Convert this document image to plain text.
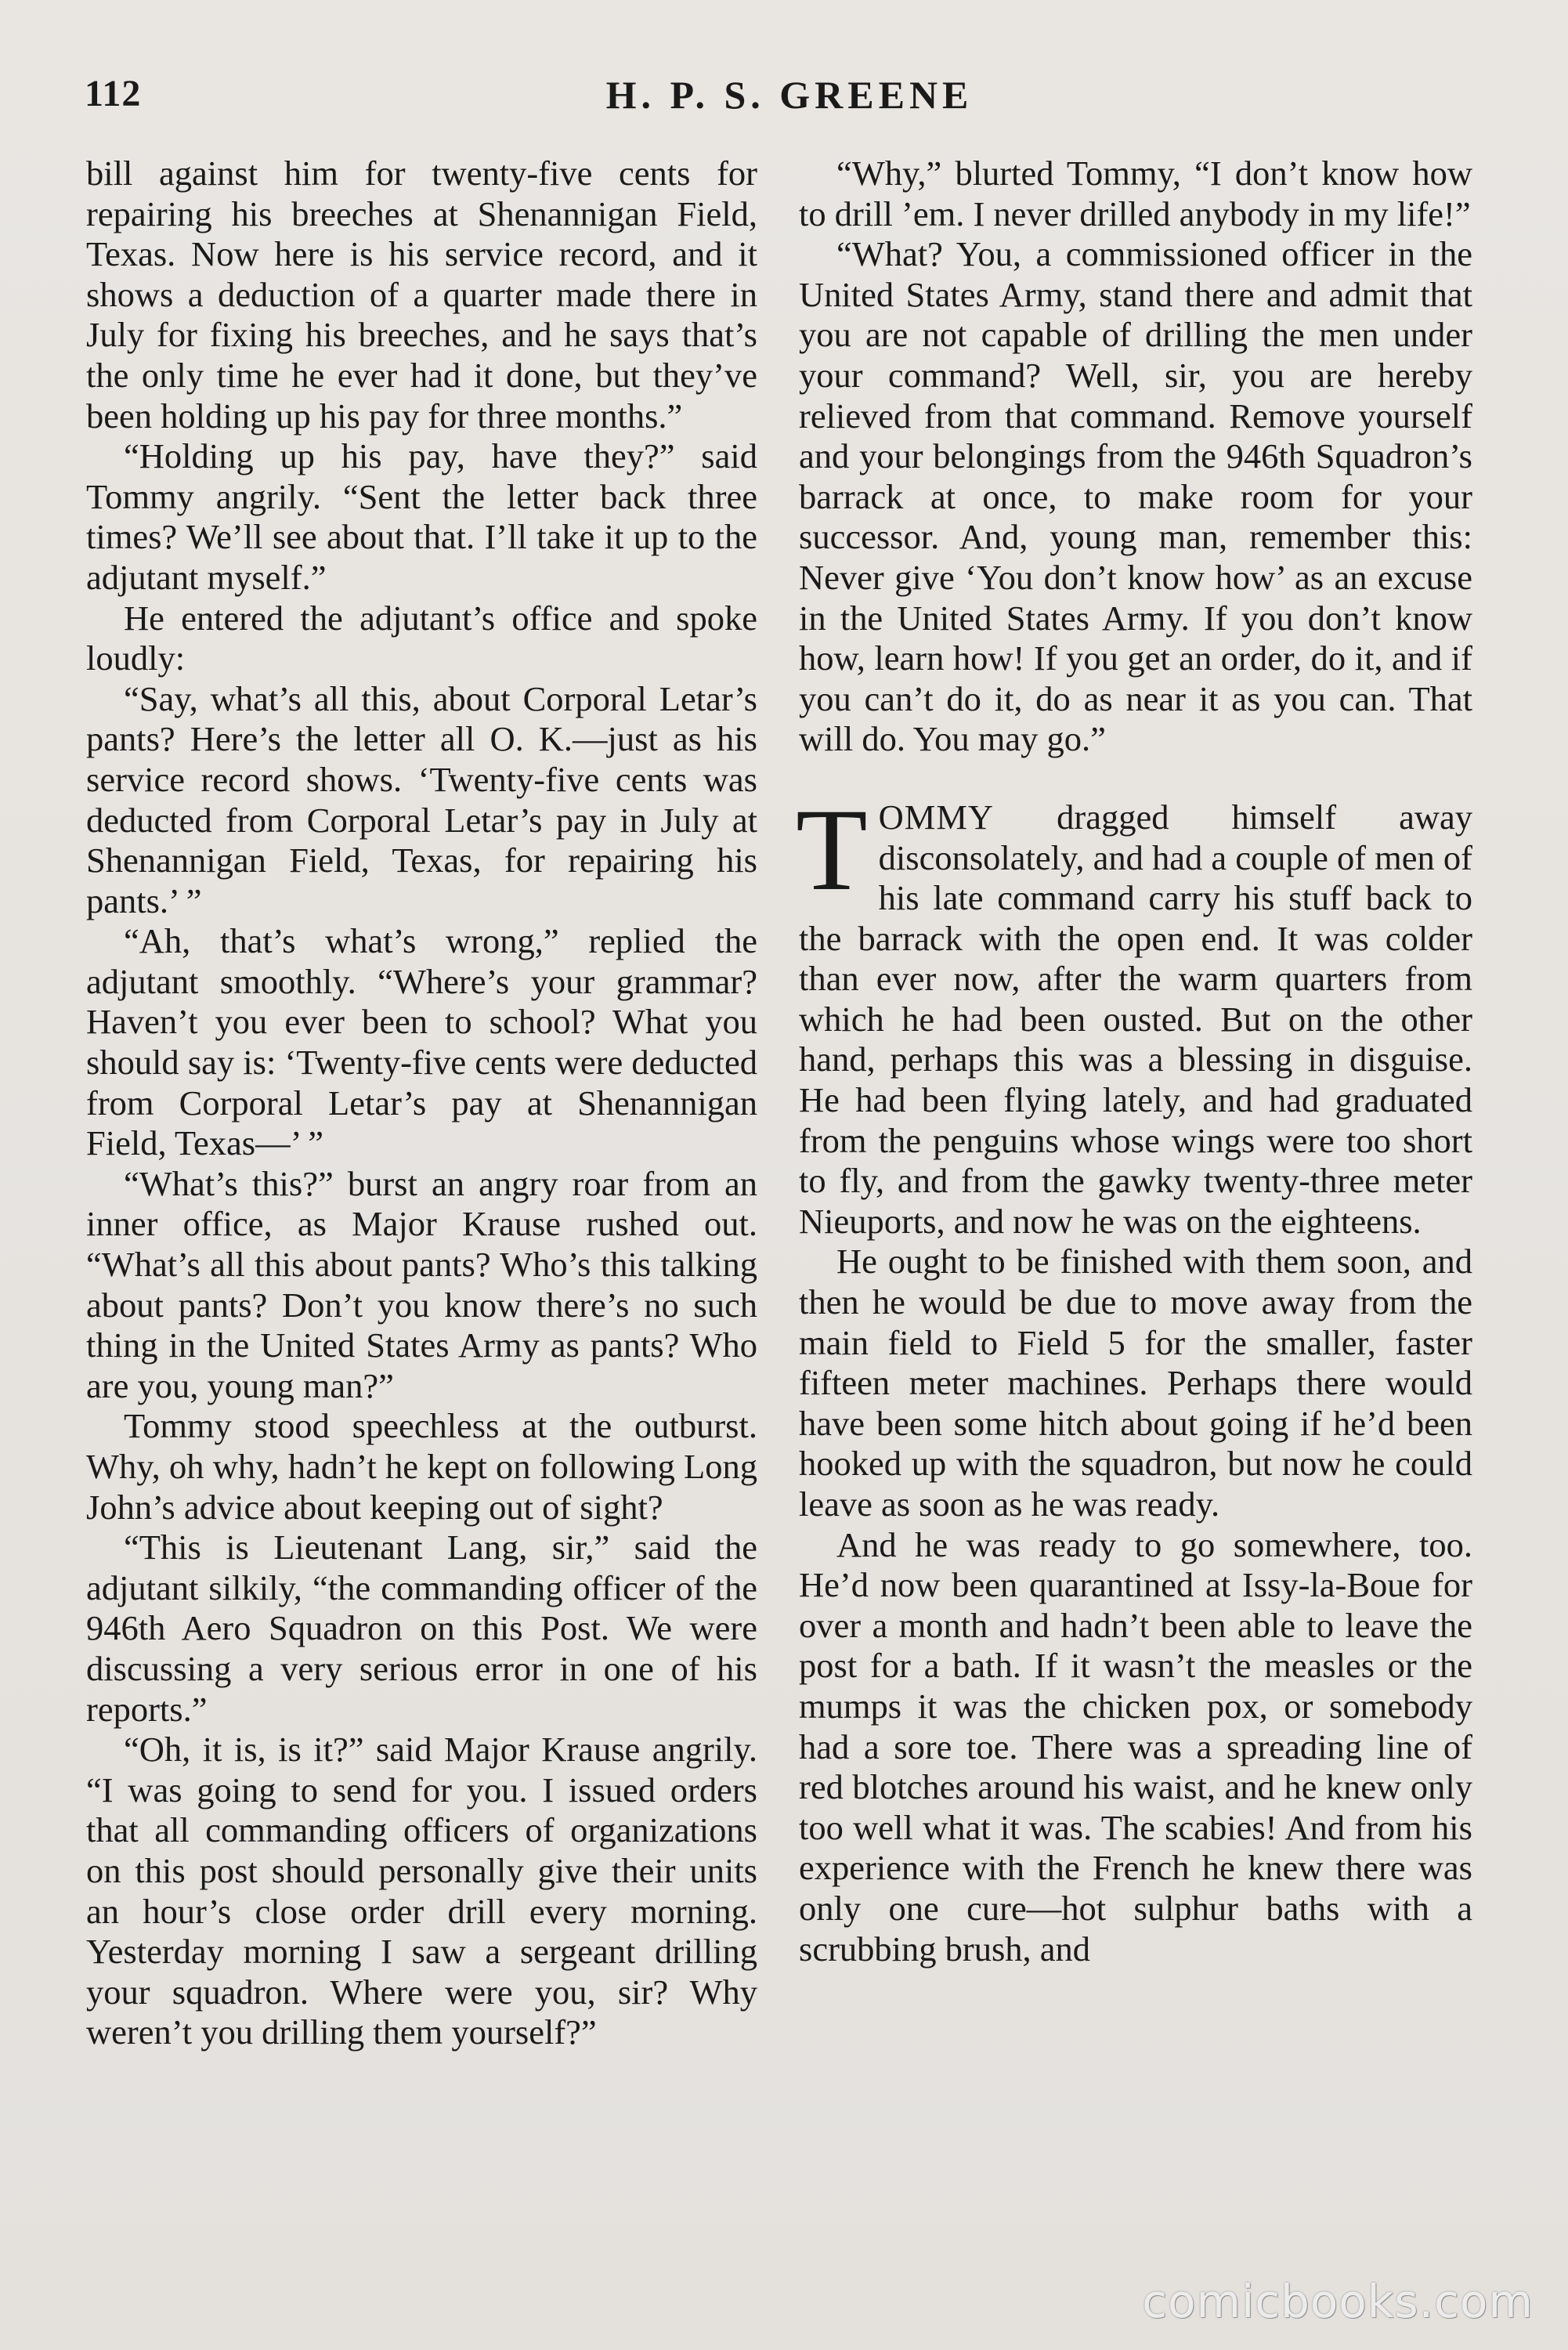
112	H. P. S. GREENE

bill against him for twenty-five cents for repairing his breeches at Shenannigan Field, Texas. Now here is his service record, and it shows a deduction of a quarter made there in July for fixing his breeches, and he says that’s the only time he ever had it done, but they’ve been holding up his pay for three months.”

“Holding up his pay, have they?” said Tommy angrily. “Sent the letter back three times? We’ll see about that. I’ll take it up to the adjutant myself.”

He entered the adjutant’s office and spoke loudly:

“Say, what’s all this, about Corporal Letar’s pants? Here’s the letter all O. K.—just as his service record shows. ‘Twenty-five cents was deducted from Corporal Letar’s pay in July at Shenannigan Field, Texas, for repairing his pants.’ ”

“Ah, that’s what’s wrong,” replied the adjutant smoothly. “Where’s your grammar? Haven’t you ever been to school? What you should say is: ‘Twenty-five cents were deducted from Corporal Letar’s pay at Shenannigan Field, Texas—’ ”

“What’s this?” burst an angry roar from an inner office, as Major Krause rushed out. “What’s all this about pants? Who’s this talking about pants? Don’t you know there’s no such thing in the United States Army as pants? Who are you, young man?”

Tommy stood speechless at the outburst. Why, oh why, hadn’t he kept on following Long John’s advice about keeping out of sight?

“This is Lieutenant Lang, sir,” said the adjutant silkily, “the commanding officer of the 946th Aero Squadron on this Post. We were discussing a very serious error in one of his reports.”

“Oh, it is, is it?” said Major Krause angrily. “I was going to send for you. I issued orders that all commanding officers of organizations on this post should personally give their units an hour’s close order drill every morning. Yesterday morning I saw a sergeant drilling your squadron. Where were you, sir? Why weren’t you drilling them yourself?”

“Why,” blurted Tommy, “I don’t know how to drill ’em. I never drilled anybody in my life!”

“What? You, a commissioned officer in the United States Army, stand there and admit that you are not capable of drilling the men under your command? Well, sir, you are hereby relieved from that command. Remove yourself and your belongings from the 946th Squadron’s barrack at once, to make room for your successor. And, young man, remember this: Never give ‘You don’t know how’ as an excuse in the United States Army. If you don’t know how, learn how! If you get an order, do it, and if you can’t do it, do as near it as you can. That will do. You may go.”

TOMMY dragged himself away disconsolately, and had a couple of men of his late command carry his stuff back to the barrack with the open end. It was colder than ever now, after the warm quarters from which he had been ousted. But on the other hand, perhaps this was a blessing in disguise. He had been flying lately, and had graduated from the penguins whose wings were too short to fly, and from the gawky twenty-three meter Nieuports, and now he was on the eighteens.

He ought to be finished with them soon, and then he would be due to move away from the main field to Field 5 for the smaller, faster fifteen meter machines. Perhaps there would have been some hitch about going if he’d been hooked up with the squadron, but now he could leave as soon as he was ready.

And he was ready to go somewhere, too. He’d now been quarantined at Issy-la-Boue for over a month and hadn’t been able to leave the post for a bath. If it wasn’t the measles or the mumps it was the chicken pox, or somebody had a sore toe. There was a spreading line of red blotches around his waist, and he knew only too well what it was. The scabies! And from his experience with the French he knew there was only one cure—hot sulphur baths with a scrubbing brush, and

comicbooks.com
